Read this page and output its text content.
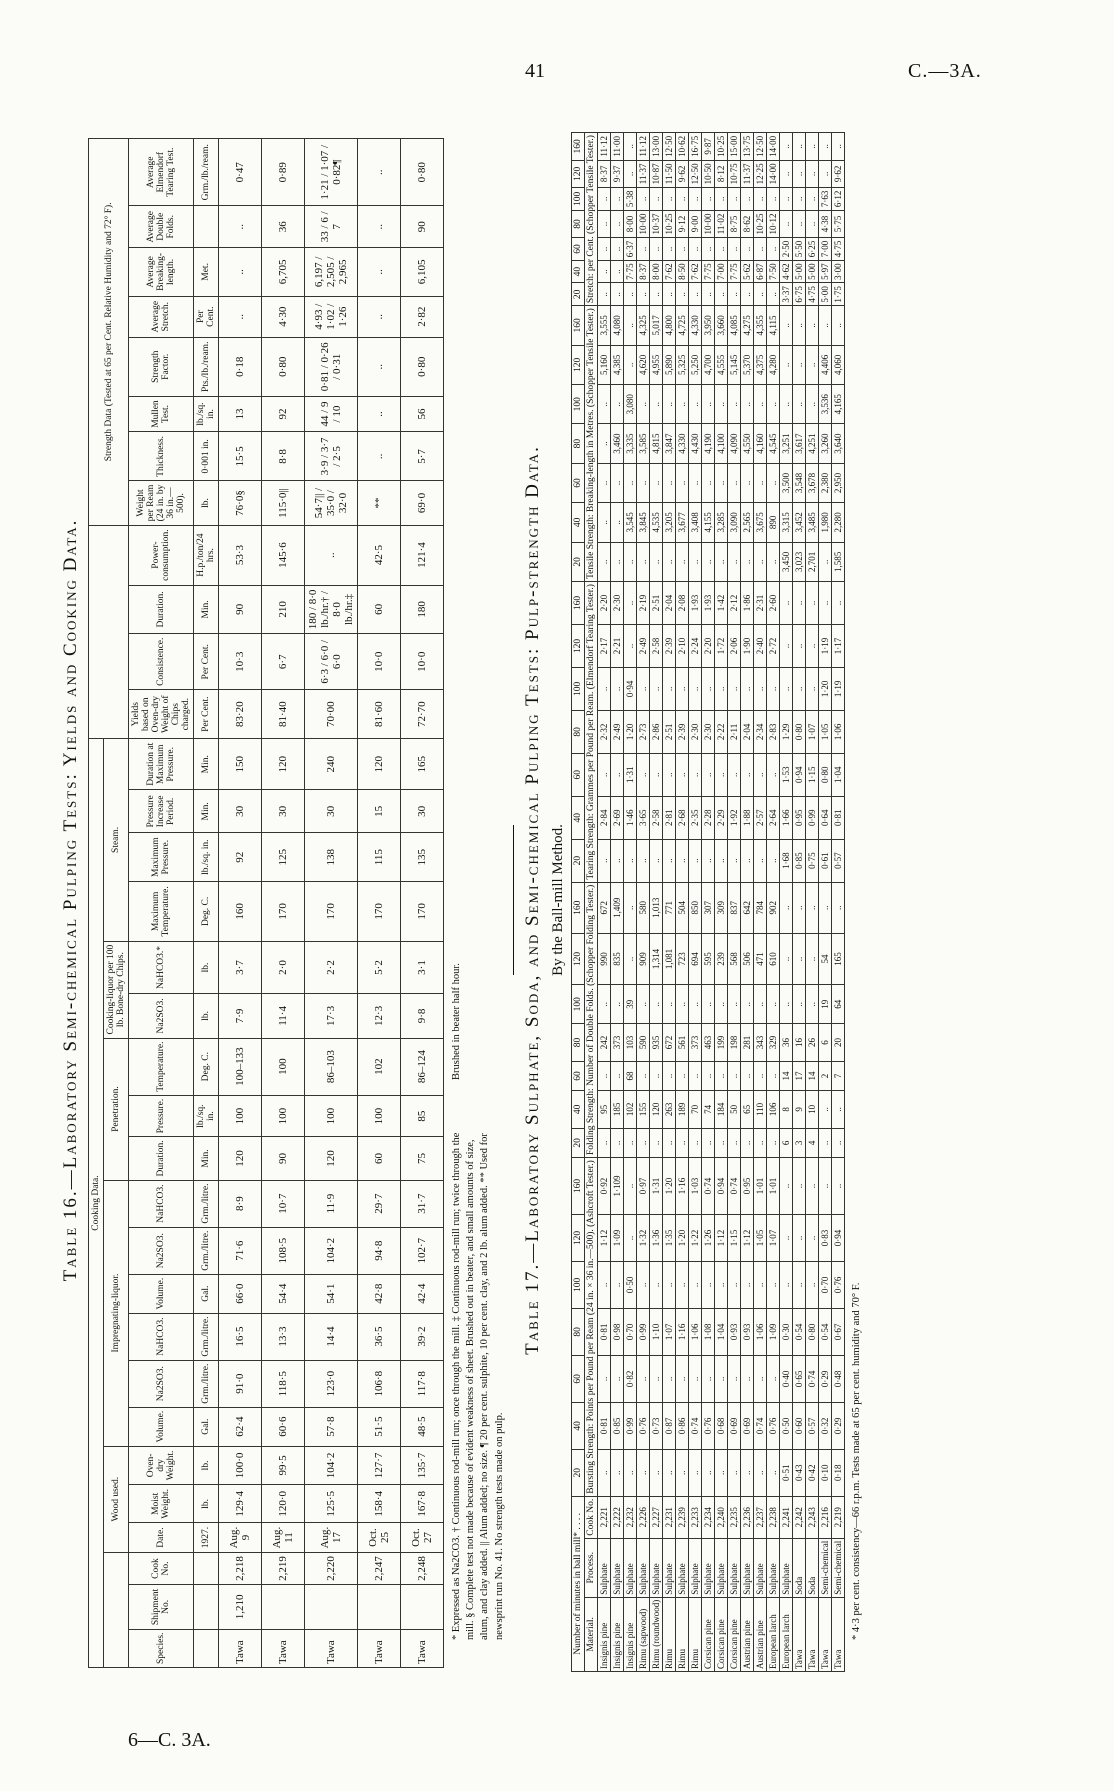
41	C.—3A.
6—C. 3A.
Table 16.—Laboratory Semi-chemical Pulping Tests: Yields and Cooking Data. Cooking Data.																									Strength Data (Tested at 65 per Cent. Relative Humidity and 72° F).							
			Wood used.			Impregnating-liquor.						Penetration.			Cooking-liquor per 100 lb. Bone-dry Chips.		Steam.															
Species.	Shipment No.	Cook No.	Date.	Moist Weight.	Oven-dry Weight.	Volume.	Na2SO3.	NaHCO3.	Volume.	Na2SO3.	NaHCO3.	Duration.	Pressure.	Temperature.	Na2SO3.	NaHCO3.*	Maximum Temperature.	Maximum Pressure.	Pressure Increase Period.	Duration at Maximum Pressure.	Yields based on Oven-dry Weight of Chips charged.	Consistence.	Duration.	Power-consumption.	Weight per Ream (24 in. by 36 in.—500).	Thickness.	Mullen Test.	Strength Factor.	Average Stretch.	Average Breaking-length.	Average Double Folds.	Average Elmendorf Tearing Test.
			1927.	lb.	lb.	Gal.	Grm./litre.	Grm./litre.	Gal.	Grm./litre.	Grm./litre.	Min.	lb./sq. in.	Deg. C.	lb.	lb.	Deg. C.	lb./sq. in.	Min.	Min.	Per Cent.	Per Cent.	Min.	H.p./ton/24 hrs.	lb.	0·001 in.	lb./sq. in.	Pts./lb./ream.	Per Cent.	Met.		Grm./lb./ream.
Tawa	1,210	2,218	Aug. 9	129·4	100·0	62·4	91·0	16·5	66·0	71·6	8·9	120	100	100–133	7·9	3·7	160	92	30	150	83·20	10·3	90	53·3	76·0§	15·5	13	0·18	..	..	..	0·47
Tawa		2,219	Aug. 11	120·0	99·5	60·6	118·5	13·3	54·4	108·5	10·7	90	100	100	11·4	2·0	170	125	30	120	81·40	6·7	210	145·6	115·0||	8·8	92	0·80	4·30	6,705	36	0·89
Tawa		2,220	Aug. 17	125·5	104·2	57·8	123·0	14·4	54·1	104·2	11·9	120	100	86–103	17·3	2·2	170	138	30	240	70·00	6·3 / 6·0 / 6·0	180 / 8·0 lb./hr.† / 8·0 lb./hr.‡	..	54·7|| / 35·0 / 32·0	3·9 / 3·7 / 2·5	44 / 9 / 10	0·81 / 0·26 / 0·31	4·93 / 1·02 / 1·26	6,197 / 2,505 / 2,965	33 / 6 / 7	1·21 / 1·07 / 0·82¶
Tawa		2,247	Oct. 25	158·4	127·7	51·5	106·8	36·5	42·8	94·8	29·7	60	100	102	12·3	5·2	170	115	15	120	81·60	10·0	60	42·5	**	..	..	..	..	..	..	..
Tawa		2,248	Oct. 27	167·8	135·7	48·5	117·8	39·2	42·4	102·7	31·7	75	85	86–124	9·8	3·1	170	135	30	165	72·70	10·0	180	121·4	69·0	5·7	56	0·80	2·82	6,105	90	0·80
* Expressed as Na2CO3. † Continuous rod-mill run; once through the mill. ‡ Continuous rod-mill run; twice through the mill. § Complete test not made because of evident weakness of sheet. Brushed out in beater, and small amounts of size, alum, and clay added. || Alum added; no size. ¶ 20 per cent. sulphite, 10 per cent. clay, and 2 lb. alum added. ** Used for newsprint run No. 41. No strength tests made on pulp.
Brushed in beater half hour.	Table 17.—Laboratory Sulphate, Soda, and Semi-chemical Pulping Tests: Pulp-strength Data. By the Ball-mill Method.
Number of minutes in ball mill* . . . .			20	40	60	80	100	120	160	20	40	60	80	100	120	160	20	40	60	80	100	120	160	20	40	60	80	100	120	160	20	40	60	80	100	120	160
Material.	Process.	Cook No.	Bursting Strength: Points per Pound per Ream (24 in. × 36 in.—500). (Ashcroft Tester.)							Folding Strength: Number of Double Folds. (Schopper Folding Tester.)							Tearing Strength: Grammes per Pound per Ream. (Elmendorf Tearing Tester.)							Tensile Strength: Breaking-length in Metres. (Schopper Tensile Tester.)							Stretch: per Cent. (Schopper Tensile Tester.)						
Insignis pine	Sulphate	2,221	..	0·81	..	0·81	..	1·12	0·92	..	95	..	242	..	990	672	..	2·84	..	2·32	..	2·17	2·20	..	..	..	..	..	5,160	3,555	..	..	..	..	..	8·37	11·12
Insignis pine	Sulphate	2,222	..	0·85	..	0·98	..	1·09	1·109	..	185	..	373	..	835	1,409	..	2·69	..	2·49	..	2·21	2·30	..	..	..	3,460	..	4,385	4,080	..	..	..	..	..	9·37	11·00
Insignis pine	Sulphate	2,232	..	0·99	0·82	0·70	0·50	..	..	..	102	68	103	39	..	..	..	1·46	1·31	1·20	0·94	..	..	..	3,545	..	3,335	3,080	..	..	..	7·75	6·37	8·00	5·38	..	..
Rimu (sapwood)	Sulphate	2,226	..	0·76	..	0·99	..	1·32	0·97	..	155	..	590	..	909	580	..	3·65	..	2·73	..	2·49	2·19	..	3,845	..	3,585	..	4,620	4,325	..	8·37	..	10·00	..	11·37	11·12
Rimu (roundwood)	Sulphate	2,227	..	0·73	..	1·10	..	1·36	1·31	..	120	..	935	..	1,314	1,013	..	2·58	..	2·86	..	2·58	2·51	..	4,535	..	4,815	..	4,955	5,017	..	8·00	..	10·37	..	10·87	13·00
Rimu	Sulphate	2,231	..	0·87	..	1·07	..	1·35	1·20	..	263	..	672	..	1,081	771	..	2·81	..	2·51	..	2·39	2·04	..	3,205	..	3,847	..	5,890	4,800	..	7·62	..	10·25	..	11·50	12·50
Rimu	Sulphate	2,239	..	0·86	..	1·16	..	1·20	1·16	..	189	..	561	..	723	504	..	2·68	..	2·39	..	2·10	2·08	..	3,677	..	4,330	..	5,325	4,725	..	8·50	..	9·12	..	9·62	10·62
Rimu	Sulphate	2,233	..	0·74	..	1·06	..	1·22	1·03	..	70	..	373	..	694	850	..	2·35	..	2·30	..	2·24	1·93	..	3,408	..	4,430	..	5,250	4,330	..	7·62	..	9·00	..	12·50	16·75
Corsican pine	Sulphate	2,234	..	0·76	..	1·08	..	1·26	0·74	..	74	..	463	..	595	307	..	2·28	..	2·30	..	2·20	1·93	..	4,155	..	4,190	..	4,700	3,950	..	7·75	..	10·00	..	10·50	9·87
Corsican pine	Sulphate	2,240	..	0·68	..	1·04	..	1·12	0·94	..	184	..	199	..	239	309	..	2·29	..	2·22	..	1·72	1·42	..	3,285	..	4,100	..	4,555	3,660	..	7·00	..	11·02	..	8·12	10·25
Corsican pine	Sulphate	2,235	..	0·69	..	0·93	..	1·15	0·74	..	50	..	198	..	568	837	..	1·92	..	2·11	..	2·06	2·12	..	3,090	..	4,090	..	5,145	4,085	..	7·75	..	8·75	..	10·75	15·00
Austrian pine	Sulphate	2,236	..	0·69	..	0·93	..	1·12	0·95	..	65	..	281	..	506	642	..	1·88	..	2·04	..	1·90	1·86	..	2,565	..	4,550	..	5,370	4,275	..	5·62	..	8·62	..	11·37	13·75
Austrian pine	Sulphate	2,237	..	0·74	..	1·06	..	1·05	1·01	..	110	..	343	..	471	784	..	2·57	..	2·34	..	2·40	2·31	..	3,675	..	4,160	..	4,375	4,355	..	6·87	..	10·25	..	12·25	12·50
European larch	Sulphate	2,238	..	0·76	..	1·09	..	1·07	1·01	..	106	..	329	..	610	902	..	2·64	..	2·83	..	2·72	2·60	..	890	..	4,545	..	4,280	4,115	..	7·50	..	10·12	..	14·00	14·00
European larch	Sulphate	2,241	0·51	0·50	0·40	0·30	..	..	..	6	8	14	36	..	..	..	1·68	1·66	1·53	1·29	..	..	..	3,450	3,315	3,500	3,251	..	..	..	3·37	4·62	2·50	..	..	..	..
Tawa	Soda	2,242	0·43	0·60	0·65	0·54	..	..	..	3	9	17	16	..	..	..	0·85	0·95	0·94	0·80	..	..	..	3,023	3,452	3,548	3,617	..	..	..	6·75	5·00	5·50	..	..	..	..
Tawa	Soda	2,243	0·42	0·57	0·74	0·80	..	..	..	4	10	14	26	..	..	..	0·75	0·99	1·15	1·07	..	..	..	2,701	3,485	3,678	4,251	..	..	..	4·75	5·00	6·25	..	..	..	..
Tawa	Semi-chemical	2,216	0·10	0·32	0·29	0·54	0·70	0·83	..	..	..	2	6	19	54	..	0·61	0·64	0·80	1·05	1·20	1·19	..	..	1,980	2,380	3,260	3,536	4,406	..	5·00	5·97	7·00	4·38	7·63	..	..
Tawa	Semi-chemical	2,219	0·18	0·29	0·48	0·67	0·76	0·94	..	..	..	7	20	64	165	..	0·57	0·81	1·04	1·06	1·19	1·17	..	1,585	2,280	2,950	3,640	4,165	4,060	..	1·75	3·00	4·75	5·75	6·12	9·62	..
* 4·3 per cent. consistency—66 r.p.m. Tests made at 65 per cent. humidity and 70° F.
